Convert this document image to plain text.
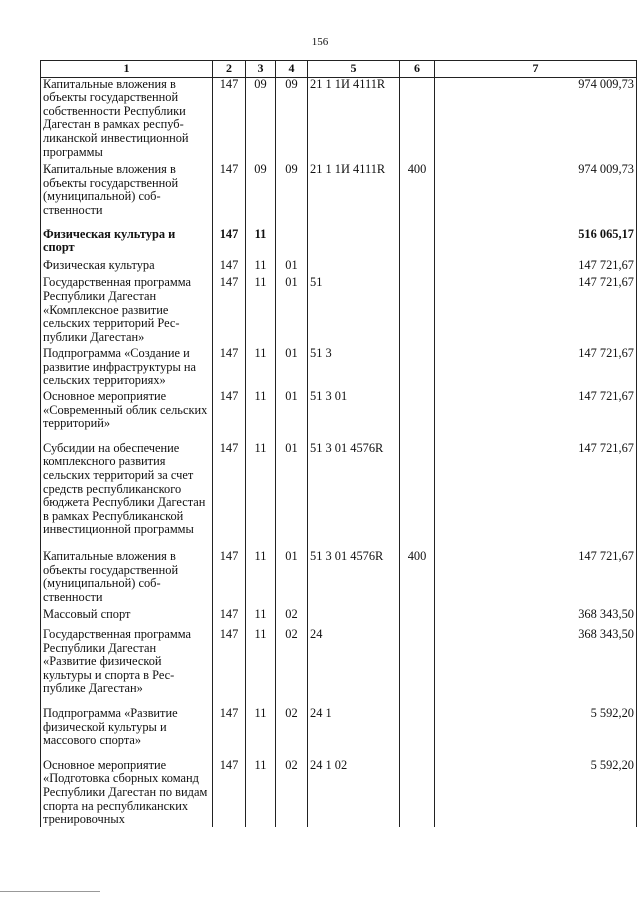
156
1	2	3	4	5	6	7
Капитальные вложения в объекты государственной собственности Республики Дагестан в рамках республиканской инвестиционной программы	147	09	09	21 1 1И 4111R		974 009,73
Капитальные вложения в объекты государственной (муниципальной) собственности	147	09	09	21 1 1И 4111R	400	974 009,73
Физическая культура и спорт	147	11				516 065,17
Физическая культура	147	11	01			147 721,67
Государственная программа Республики Дагестан «Комплексное развитие сельских территорий Республики Дагестан»	147	11	01	51		147 721,67
Подпрограмма «Создание и развитие инфраструктуры на сельских территориях»	147	11	01	51 3		147 721,67
Основное мероприятие «Современный облик сельских территорий»	147	11	01	51 3 01		147 721,67
Субсидии на обеспечение комплексного развития сельских территорий за счет средств республиканского бюджета Республики Дагестан в рамках Республиканской инвестиционной программы	147	11	01	51 3 01 4576R		147 721,67
Капитальные вложения в объекты государственной (муниципальной) собственности	147	11	01	51 3 01 4576R	400	147 721,67
Массовый спорт	147	11	02			368 343,50
Государственная программа Республики Дагестан «Развитие физической культуры и спорта в Республике Дагестан»	147	11	02	24		368 343,50
Подпрограмма «Развитие физической культуры и массового спорта»	147	11	02	24 1		5 592,20
Основное мероприятие «Подготовка сборных команд Республики Дагестан по видам спорта на республиканских тренировочных	147	11	02	24 1 02		5 592,20
